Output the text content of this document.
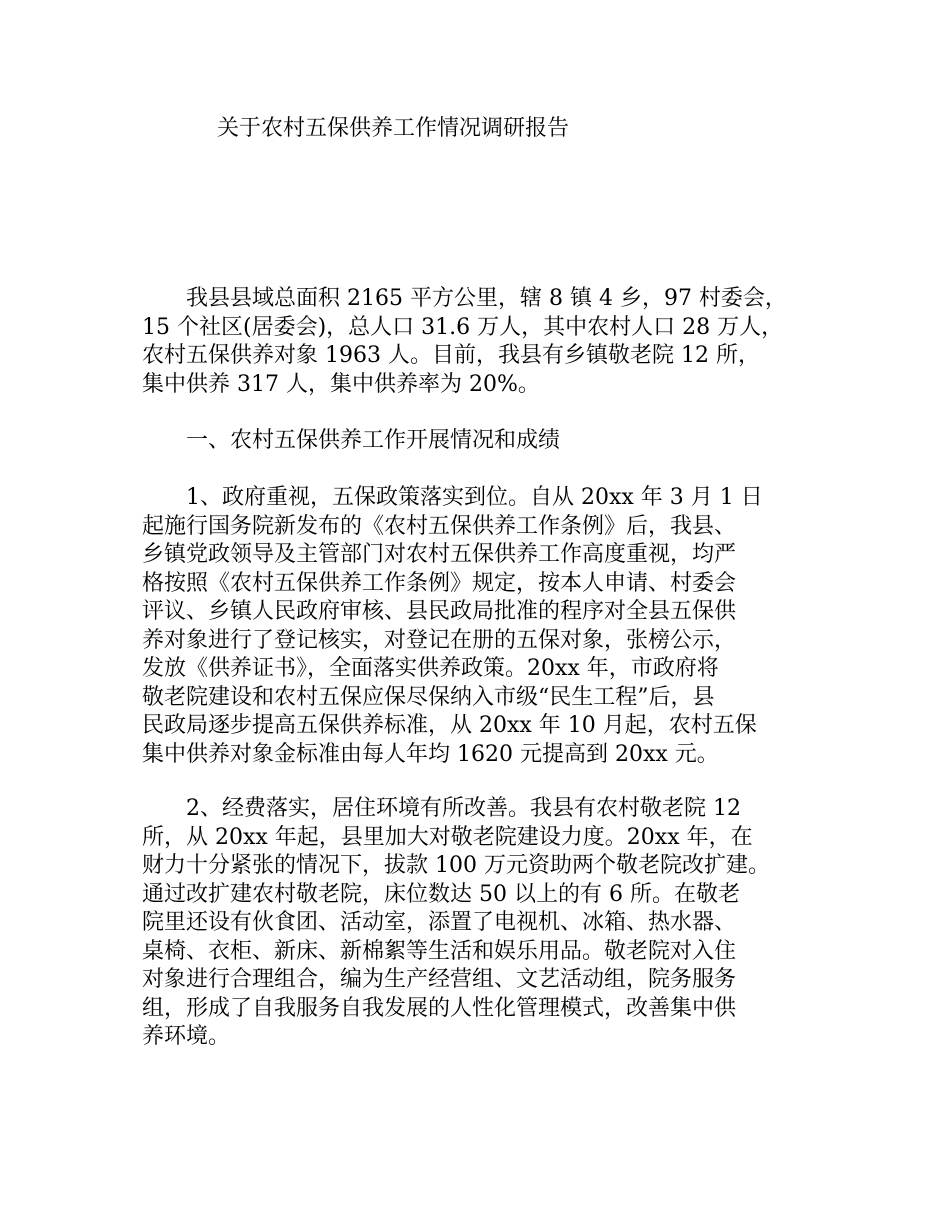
关于农村五保供养工作情况调研报告
　　我县县域总面积 2165 平方公里，辖 8 镇 4 乡，97 村委会，
15 个社区(居委会)，总人口 31.6 万人，其中农村人口 28 万人，
农村五保供养对象 1963 人。目前，我县有乡镇敬老院 12 所，
集中供养 317 人，集中供养率为 20%。
　　一、农村五保供养工作开展情况和成绩
　　1、政府重视，五保政策落实到位。自从 20xx 年 3 月 1 日
起施行国务院新发布的《农村五保供养工作条例》后，我县、
乡镇党政领导及主管部门对农村五保供养工作高度重视，均严
格按照《农村五保供养工作条例》规定，按本人申请、村委会
评议、乡镇人民政府审核、县民政局批准的程序对全县五保供
养对象进行了登记核实，对登记在册的五保对象，张榜公示，
发放《供养证书》，全面落实供养政策。20xx 年，市政府将
敬老院建设和农村五保应保尽保纳入市级“民生工程”后，县
民政局逐步提高五保供养标准，从 20xx 年 10 月起，农村五保
集中供养对象金标准由每人年均 1620 元提高到 20xx 元。
　　2、经费落实，居住环境有所改善。我县有农村敬老院 12
所，从 20xx 年起，县里加大对敬老院建设力度。20xx 年，在
财力十分紧张的情况下，拔款 100 万元资助两个敬老院改扩建。
通过改扩建农村敬老院，床位数达 50 以上的有 6 所。在敬老
院里还设有伙食团、活动室，添置了电视机、冰箱、热水器、
桌椅、衣柜、新床、新棉絮等生活和娱乐用品。敬老院对入住
对象进行合理组合，编为生产经营组、文艺活动组，院务服务
组，形成了自我服务自我发展的人性化管理模式，改善集中供
养环境。
